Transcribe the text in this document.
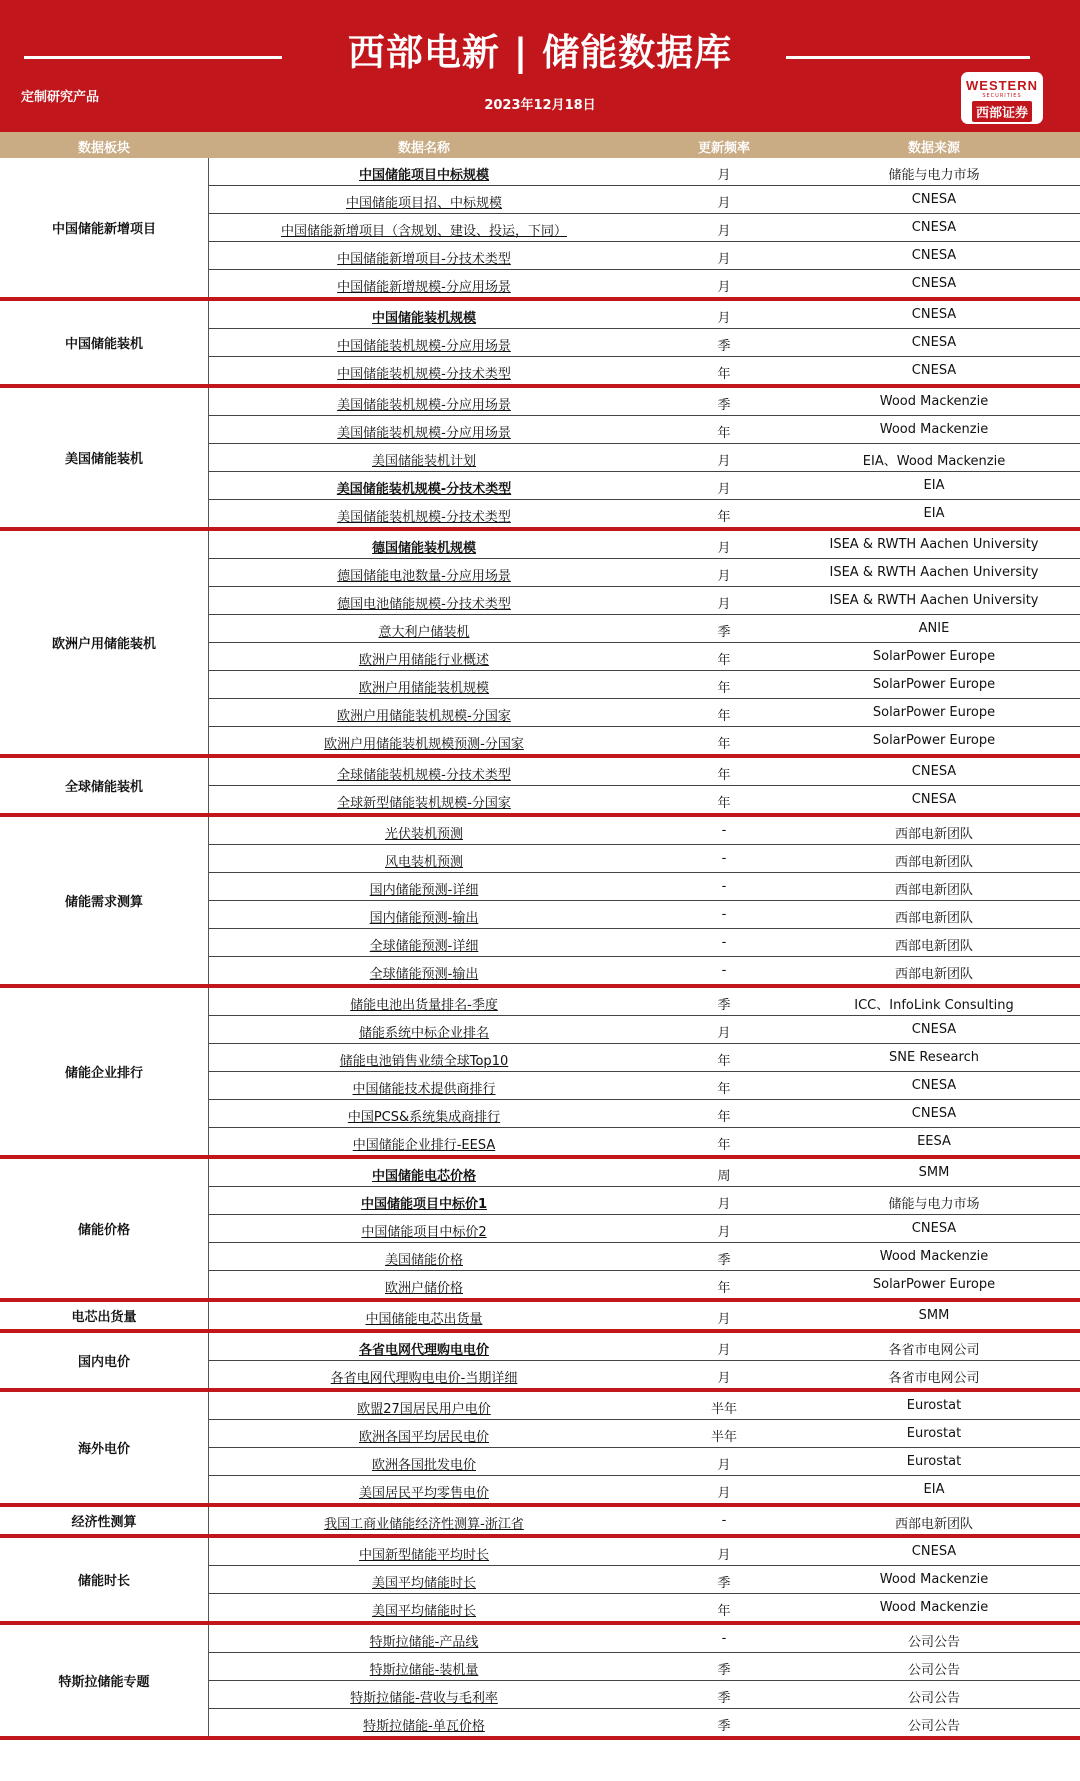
西部电新 | 储能数据库
定制研究产品
2023年12月18日
WESTERN
SECURITIES
西部证券
数据板块	数据名称	更新频率	数据来源
中国储能新增项目
中国储能项目中标规模	月	储能与电力市场
中国储能项目招、中标规模	月	CNESA
中国储能新增项目（含规划、建设、投运，下同）	月	CNESA
中国储能新增项目-分技术类型	月	CNESA
中国储能新增规模-分应用场景	月	CNESA
中国储能装机
中国储能装机规模	月	CNESA
中国储能装机规模-分应用场景	季	CNESA
中国储能装机规模-分技术类型	年	CNESA
美国储能装机
美国储能装机规模-分应用场景	季	Wood Mackenzie
美国储能装机规模-分应用场景	年	Wood Mackenzie
美国储能装机计划	月	EIA、Wood Mackenzie
美国储能装机规模-分技术类型	月	EIA
美国储能装机规模-分技术类型	年	EIA
欧洲户用储能装机
德国储能装机规模	月	ISEA & RWTH Aachen University
德国储能电池数量-分应用场景	月	ISEA & RWTH Aachen University
德国电池储能规模-分技术类型	月	ISEA & RWTH Aachen University
意大利户储装机	季	ANIE
欧洲户用储能行业概述	年	SolarPower Europe
欧洲户用储能装机规模	年	SolarPower Europe
欧洲户用储能装机规模-分国家	年	SolarPower Europe
欧洲户用储能装机规模预测-分国家	年	SolarPower Europe
全球储能装机
全球储能装机规模-分技术类型	年	CNESA
全球新型储能装机规模-分国家	年	CNESA
储能需求测算
光伏装机预测	-	西部电新团队
风电装机预测	-	西部电新团队
国内储能预测-详细	-	西部电新团队
国内储能预测-输出	-	西部电新团队
全球储能预测-详细	-	西部电新团队
全球储能预测-输出	-	西部电新团队
储能企业排行
储能电池出货量排名-季度	季	ICC、InfoLink Consulting
储能系统中标企业排名	月	CNESA
储能电池销售业绩全球Top10	年	SNE Research
中国储能技术提供商排行	年	CNESA
中国PCS&系统集成商排行	年	CNESA
中国储能企业排行-EESA	年	EESA
储能价格
中国储能电芯价格	周	SMM
中国储能项目中标价1	月	储能与电力市场
中国储能项目中标价2	月	CNESA
美国储能价格	季	Wood Mackenzie
欧洲户储价格	年	SolarPower Europe
电芯出货量	中国储能电芯出货量	月	SMM
国内电价
各省电网代理购电电价	月	各省市电网公司
各省电网代理购电电价-当期详细	月	各省市电网公司
海外电价
欧盟27国居民用户电价	半年	Eurostat
欧洲各国平均居民电价	半年	Eurostat
欧洲各国批发电价	月	Eurostat
美国居民平均零售电价	月	EIA
经济性测算	我国工商业储能经济性测算-浙江省	-	西部电新团队
储能时长
中国新型储能平均时长	月	CNESA
美国平均储能时长	季	Wood Mackenzie
美国平均储能时长	年	Wood Mackenzie
特斯拉储能专题
特斯拉储能-产品线	-	公司公告
特斯拉储能-装机量	季	公司公告
特斯拉储能-营收与毛利率	季	公司公告
特斯拉储能-单瓦价格	季	公司公告
